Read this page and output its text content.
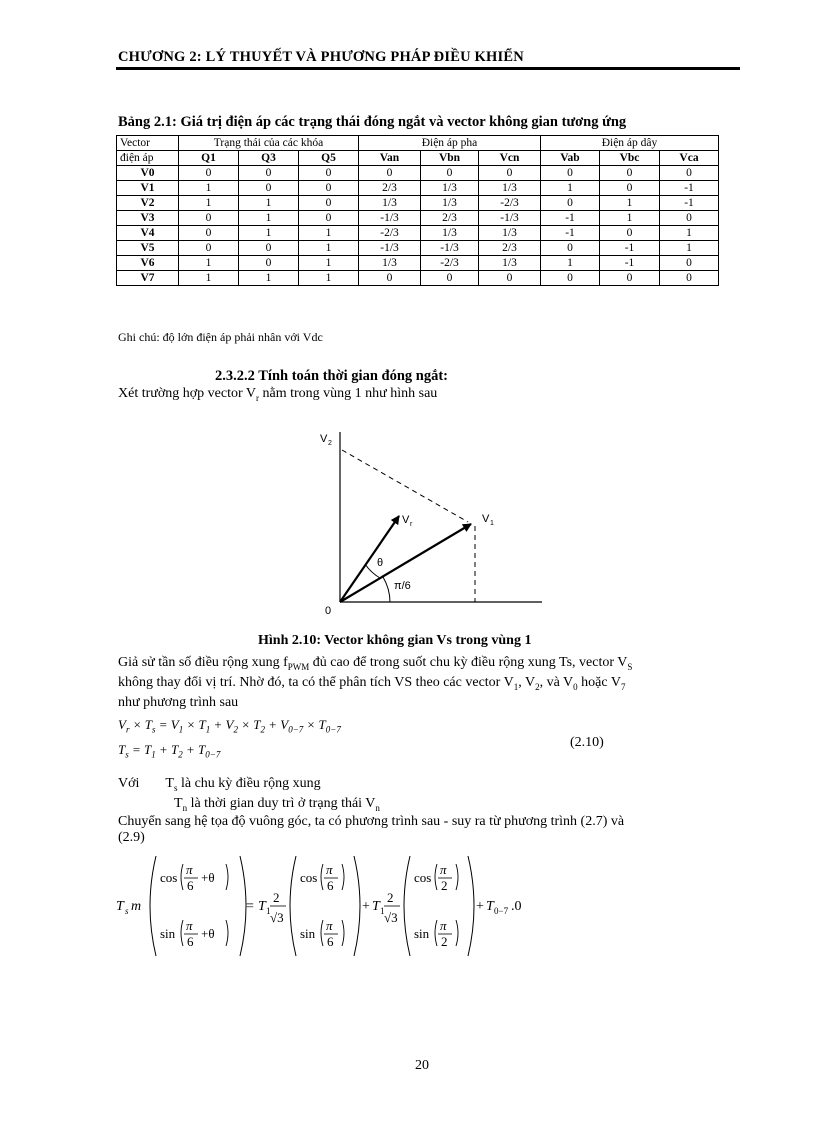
CHƯƠNG 2: LÝ THUYẾT VÀ PHƯƠNG PHÁP ĐIỀU KHIỂN
Bảng 2.1: Giá trị điện áp các trạng thái đóng ngắt và vector không gian tương ứng
Vector	Trạng thái của các khóa			Điện áp pha			Điện áp dây		
điện áp	Q1	Q3	Q5	Van	Vbn	Vcn	Vab	Vbc	Vca
V0	0	0	0	0	0	0	0	0	0
V1	1	0	0	2/3	1/3	1/3	1	0	-1
V2	1	1	0	1/3	1/3	-2/3	0	1	-1
V3	0	1	0	-1/3	2/3	-1/3	-1	1	0
V4	0	1	1	-2/3	1/3	1/3	-1	0	1
V5	0	0	1	-1/3	-1/3	2/3	0	-1	1
V6	1	0	1	1/3	-2/3	1/3	1	-1	0
V7	1	1	1	0	0	0	0	0	0
Ghi chú: độ lớn điện áp phải nhân với Vdc
2.3.2.2 Tính toán thời gian đóng ngắt:
Xét trường hợp vector $V_r$ nằm trong vùng 1 như hình sau
V 2
V 1
V r
θ
π/6
0
Hình 2.10: Vector không gian Vs trong vùng 1
Giả sử tần số điều rộng xung $f_{PWM}$ đủ cao để trong suốt chu kỳ điều rộng xung Ts, vector $V_S$
không thay đổi vị trí. Nhờ đó, ta có thể phân tích VS theo các vector $V_1$, $V_2$, và $V_0$ hoặc $V_7$
như phương trình sau
$V_r \times T_s = V_1 \times T_1 + V_2 \times T_2 + V_{0-7} \times T_{0-7}$
$T_s = T_1 + T_2 + T_{0-7}$
(2.10)
Với $T_s$ là chu kỳ điều rộng xung
$T_n$ là thời gian duy trì ở trạng thái $V_n$
Chuyển sang hệ tọa độ vuông góc, ta có phương trình sau - suy ra từ phương trình (2.7) và
(2.9)
T s m
cos
π
6
+θ
sin
π
6
+θ
= T 1
2
√3
cos
π
6
sin
π
6
+ T 1
2
√3
cos
π
2
sin
π
2
+ T 0−7 .0
20
